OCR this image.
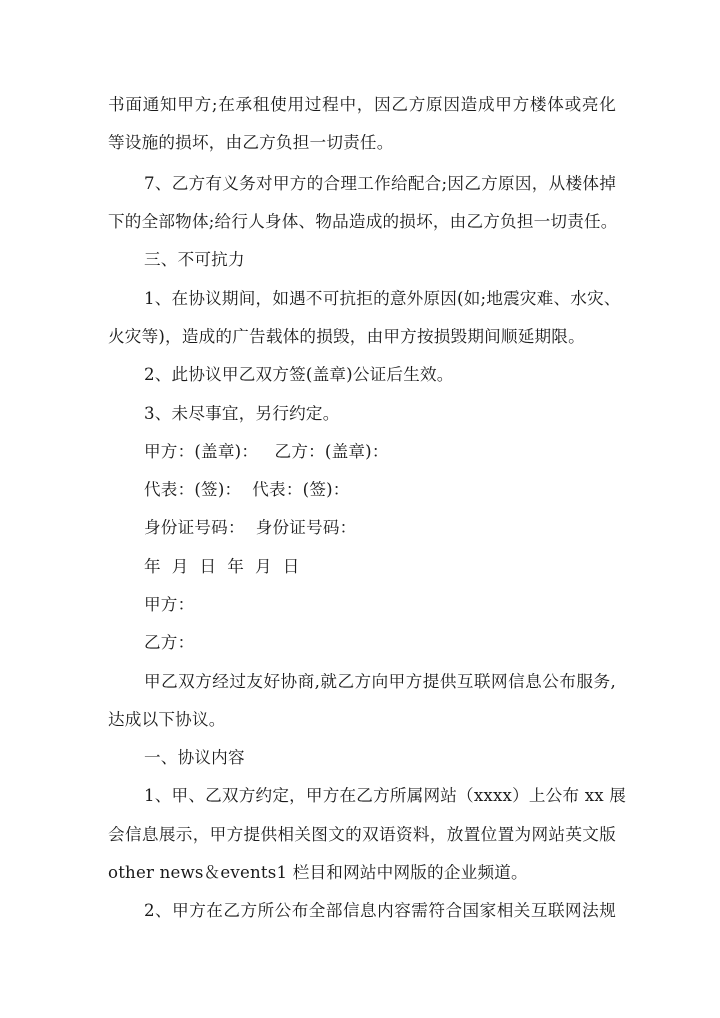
书面通知甲方;在承租使用过程中，因乙方原因造成甲方楼体或亮化
等设施的损坏，由乙方负担一切责任。
7、乙方有义务对甲方的合理工作给配合;因乙方原因，从楼体掉
下的全部物体;给行人身体、物品造成的损坏，由乙方负担一切责任。
三、不可抗力
1、在协议期间，如遇不可抗拒的意外原因(如;地震灾难、水灾、
火灾等)，造成的广告载体的损毁，由甲方按损毁期间顺延期限。
2、此协议甲乙双方签(盖章)公证后生效。
3、未尽事宜，另行约定。
甲方：(盖章)：   乙方：(盖章)：
代表：(签)：  代表：(签)：
身份证号码：  身份证号码：
年  月  日  年  月  日
甲方：
乙方：
甲乙双方经过友好协商,就乙方向甲方提供互联网信息公布服务,
达成以下协议。
一、协议内容
1、甲、乙双方约定，甲方在乙方所属网站（xxxx）上公布 xx 展
会信息展示，甲方提供相关图文的双语资料，放置位置为网站英文版
other news＆events1 栏目和网站中网版的企业频道。
2、甲方在乙方所公布全部信息内容需符合国家相关互联网法规
